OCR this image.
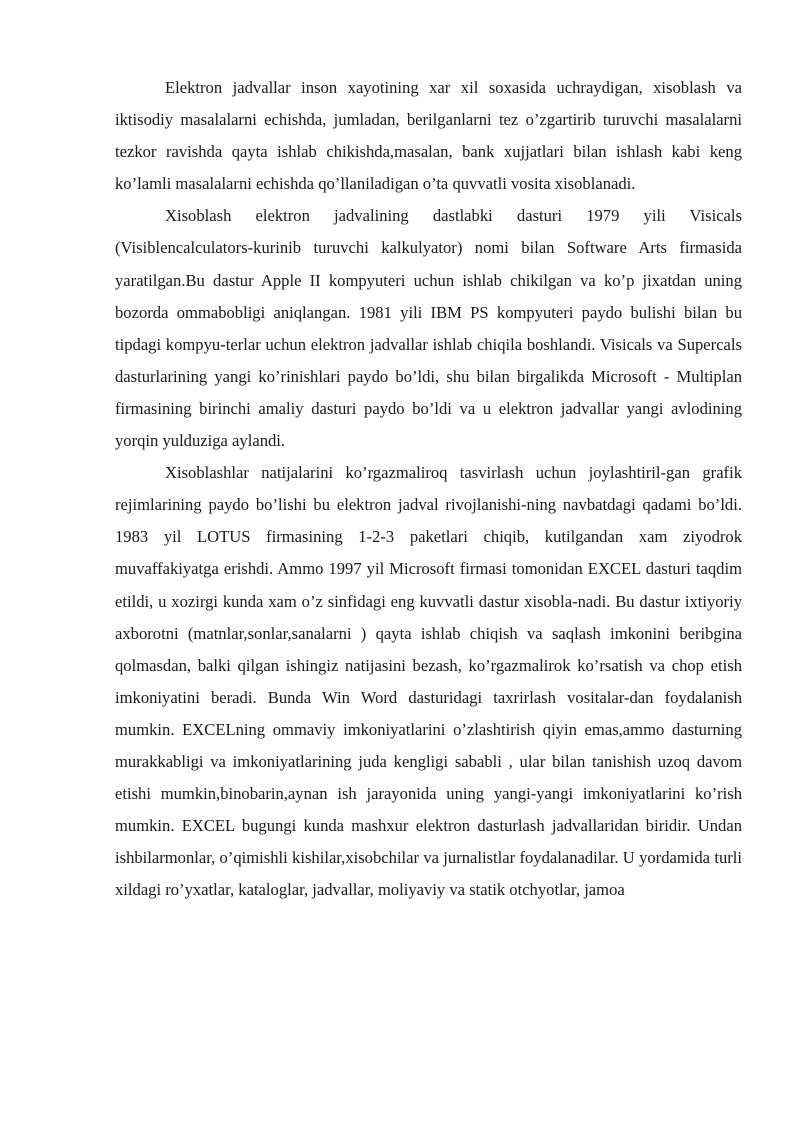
Elektron jadvallar inson xayotining xar xil soxasida uchraydigan, xisoblash va iktisodiy masalalarni echishda, jumladan, berilganlarni tez o’zgartirib turuvchi masalalarni tezkor ravishda qayta ishlab chikishda,masalan, bank xujjatlari bilan ishlash kabi keng ko’lamli masalalarni echishda qo’llaniladigan o’ta quvvatli vosita xisoblanadi.

Xisoblash elektron jadvalining dastlabki dasturi 1979 yili Visicals (Visiblencalculators-kurinib turuvchi kalkulyator) nomi bilan Software Arts firmasida yaratilgan.Bu dastur Apple II kompyuteri uchun ishlab chikilgan va ko’p jixatdan uning bozorda ommabobligi aniqlangan. 1981 yili IBM PS kompyuteri paydo bulishi bilan bu tipdagi kompyu-terlar uchun elektron jadvallar ishlab chiqila boshlandi. Visicals va Supercals dasturlarining yangi ko’rinishlari paydo bo’ldi, shu bilan birgalikda Microsoft - Multiplan firmasining birinchi amaliy dasturi paydo bo’ldi va u elektron jadvallar yangi avlodining yorqin yulduziga aylandi.

Xisoblashlar natijalarini ko’rgazmaliroq tasvirlash uchun joylashtiril-gan grafik rejimlarining paydo bo’lishi bu elektron jadval rivojlanishi-ning navbatdagi qadami bo’ldi. 1983 yil LOTUS firmasining 1-2-3 paketlari chiqib, kutilgandan xam ziyodrok muvaffakiyatga erishdi. Ammo 1997 yil Microsoft firmasi tomonidan EXCEL dasturi taqdim etildi, u xozirgi kunda xam o’z sinfidagi eng kuvvatli dastur xisobla-nadi. Bu dastur ixtiyoriy axborotni (matnlar,sonlar,sanalarni ) qayta ishlab chiqish va saqlash imkonini beribgina qolmasdan, balki qilgan ishingiz natijasini bezash, ko’rgazmalirok ko’rsatish va chop etish imkoniyatini beradi. Bunda Win Word dasturidagi taxrirlash vositalar-dan foydalanish mumkin. EXCELning ommaviy imkoniyatlarini o’zlashtirish qiyin emas,ammo dasturning murakkabligi va imkoniyatlarining juda kengligi sababli , ular bilan tanishish uzoq davom etishi mumkin,binobarin,aynan ish jarayonida uning yangi-yangi imkoniyatlarini ko’rish mumkin. EXCEL bugungi kunda mashxur elektron dasturlash jadvallaridan biridir. Undan ishbilarmonlar, o’qimishli kishilar,xisobchilar va jurnalistlar foydalanadilar. U yordamida turli xildagi ro’yxatlar, kataloglar, jadvallar, moliyaviy va statik otchyotlar, jamoa
